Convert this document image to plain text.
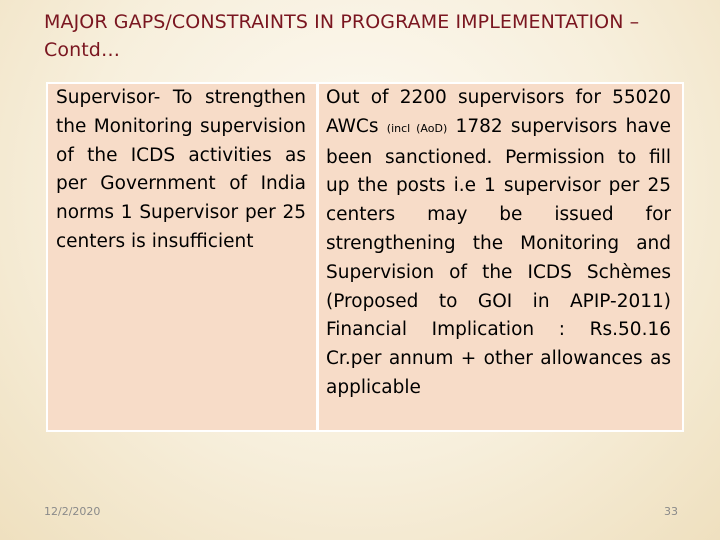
MAJOR GAPS/CONSTRAINTS IN PROGRAME IMPLEMENTATION – Contd…
Supervisor- To strengthen the Monitoring supervision of the ICDS activities as per Government of India norms 1 Supervisor per 25 centers is insufficient
Out of 2200 supervisors for 55020 AWCs (incl (AoD) 1782 supervisors have been sanctioned. Permission to fill up the posts i.e 1 supervisor per 25 centers may be issued for strengthening the Monitoring and Supervision of the ICDS Schèmes (Proposed to GOI in APIP-2011) Financial Implication : Rs.50.16 Cr.per annum + other allowances as applicable
12/2/2020	33
